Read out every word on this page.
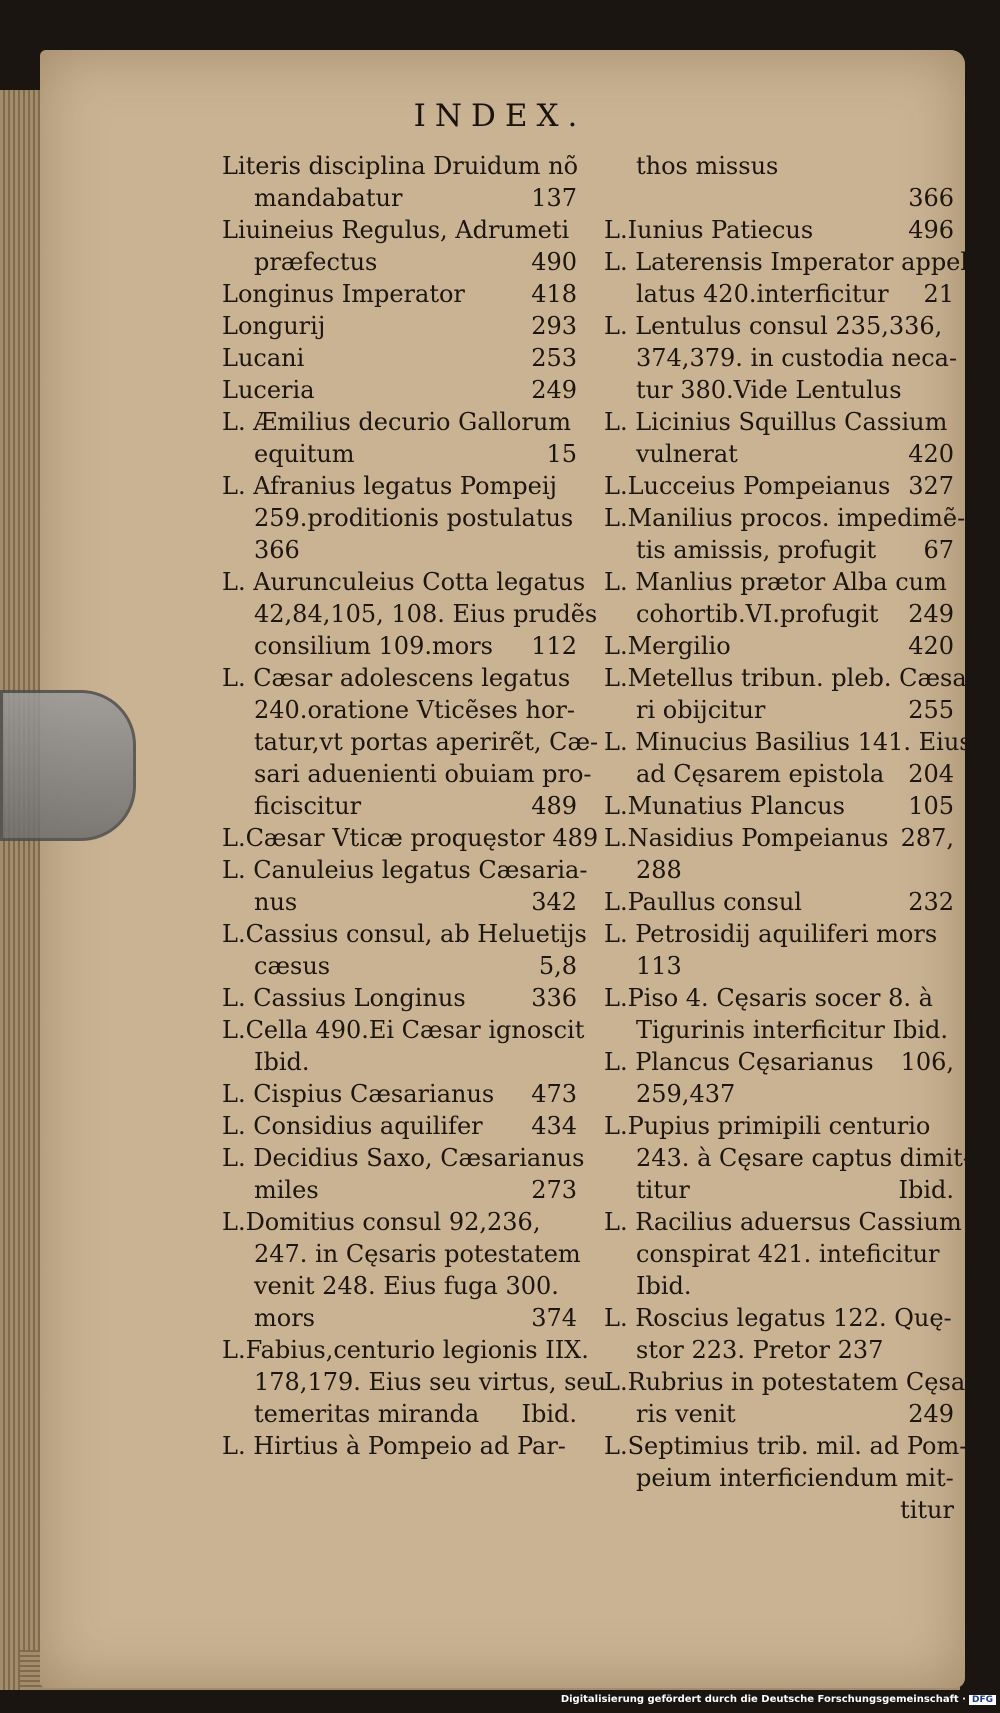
INDEX.
Literis disciplina Druidum nõ
mandabatur	137
Liuineius Regulus, Adrumeti
præfectus	490
Longinus Imperator	418
Longurij	293
Lucani	253
Luceria	249
L. Æmilius decurio Gallorum
equitum	15
L. Afranius legatus Pompeij
259.proditionis postulatus
366
L. Aurunculeius Cotta legatus
42,84,105, 108. Eius prudẽs
consilium 109.mors 112
L. Cæsar adolescens legatus
240.oratione Vticẽses hor-
tatur,vt portas aperirẽt, Cæ-
sari aduenienti obuiam pro-
ficiscitur	489
L.Cæsar Vticæ proquęstor 489
L. Canuleius legatus Cæsaria-
nus	342
L.Cassius consul, ab Heluetijs
cæsus	5,8
L. Cassius Longinus	336
L.Cella 490.Ei Cæsar ignoscit
Ibid.
L. Cispius Cæsarianus 473
L. Considius aquilifer 434
L. Decidius Saxo, Cæsarianus
miles	273
L.Domitius consul 92,236,
247. in Cęsaris potestatem
venit 248. Eius fuga 300.
mors	374
L.Fabius,centurio legionis IIX.
178,179. Eius seu virtus, seu
temeritas miranda Ibid.
L. Hirtius à Pompeio ad Par-
thos missus
366
L.Iunius Patiecus	496
L. Laterensis Imperator appel-
latus 420.interficitur 21
L. Lentulus consul 235,336,
374,379. in custodia neca-
tur 380.Vide Lentulus
L. Licinius Squillus Cassium
vulnerat	420
L.Lucceius Pompeianus 327
L.Manilius procos. impedimẽ-
tis amissis, profugit 67
L. Manlius prætor Alba cum
cohortib.VI.profugit 249
L.Mergilio	420
L.Metellus tribun. pleb. Cæsa-
ri obijcitur	255
L. Minucius Basilius 141. Eius
ad Cęsarem epistola 204
L.Munatius Plancus	105
L.Nasidius Pompeianus 287,
288
L.Paullus consul	232
L. Petrosidij aquiliferi mors
113
L.Piso 4. Cęsaris socer 8. à
Tigurinis interficitur Ibid.
L. Plancus Cęsarianus 106,
259,437
L.Pupius primipili centurio
243. à Cęsare captus dimit-
titur	Ibid.
L. Racilius aduersus Cassium
conspirat 421. inteficitur
Ibid.
L. Roscius legatus 122. Quę-
stor 223. Pretor 237
L.Rubrius in potestatem Cęsa-
ris venit	249
L.Septimius trib. mil. ad Pom-
peium interficiendum mit-
titur
Digitalisierung gefördert durch die Deutsche Forschungsgemeinschaft · DFG
